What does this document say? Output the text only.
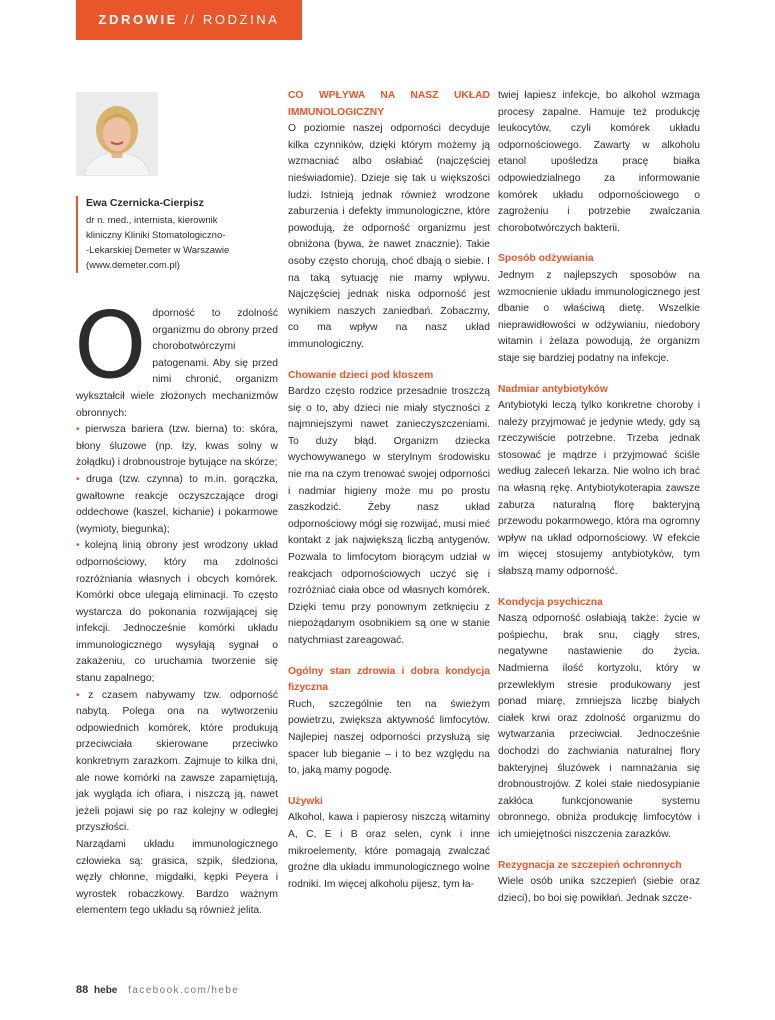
ZDROWIE // RODZINA
Ewa Czernicka-Cierpisz
dr n. med., internista, kierownik
kliniczny Kliniki Stomatologiczno-
-Lekarskiej Demeter w Warszawie
(www.demeter.com.pl)

Odporność to zdolność organizmu do obrony przed chorobotwórczymi patogenami. Aby się przed nimi chronić, organizm wykształcił wiele złożonych mechanizmów obronnych:

• pierwsza bariera (tzw. bierna) to: skóra, błony śluzowe (np. łzy, kwas solny w żołądku) i drobnoustroje bytujące na skórze;

• druga (tzw. czynna) to m.in. gorączka, gwałtowne reakcje oczyszczające drogi oddechowe (kaszel, kichanie) i pokarmowe (wymioty, biegunka);

• kolejną linią obrony jest wrodzony układ odpornościowy, który ma zdolności rozróżniania własnych i obcych komórek. Komórki obce ulegają eliminacji. To często wystarcza do pokonania rozwijającej się infekcji. Jednocześnie komórki układu immunologicznego wysyłają sygnał o zakażeniu, co uruchamia tworzenie się stanu zapalnego;

• z czasem nabywamy tzw. odporność nabytą. Polega ona na wytworzeniu odpowiednich komórek, które produkują przeciwciała skierowane przeciwko konkretnym zarazkom. Zajmuje to kilka dni, ale nowe komórki na zawsze zapamiętują, jak wygląda ich ofiara, i niszczą ją, nawet jeżeli pojawi się po raz kolejny w odległej przyszłości.

Narządami układu immunologicznego człowieka są: grasica, szpik, śledziona, węzły chłonne, migdałki, kępki Peyera i wyrostek robaczkowy. Bardzo ważnym elementem tego układu są również jelita.

CO WPŁYWA NA NASZ UKŁAD IMMUNOLOGICZNY

O poziomie naszej odporności decyduje kilka czynników, dzięki którym możemy ją wzmacniać albo osłabiać (najczęściej nieświadomie). Dzieje się tak u większości ludzi. Istnieją jednak również wrodzone zaburzenia i defekty immunologiczne, które powodują, że odporność organizmu jest obniżona (bywa, że nawet znacznie). Takie osoby często chorują, choć dbają o siebie. I na taką sytuację nie mamy wpływu. Najczęściej jednak niska odporność jest wynikiem naszych zaniedbań. Zobaczmy, co ma wpływ na nasz układ immunologiczny.

Chowanie dzieci pod kloszem

Bardzo często rodzice przesadnie troszczą się o to, aby dzieci nie miały styczności z najmniejszymi nawet zanieczyszczeniami. To duży błąd. Organizm dziecka wychowywanego w sterylnym środowisku nie ma na czym trenować swojej odporności i nadmiar higieny może mu po prostu zaszkodzić. Żeby nasz układ odpornościowy mógł się rozwijać, musi mieć kontakt z jak największą liczbą antygenów. Pozwala to limfocytom biorącym udział w reakcjach odpornościowych uczyć się i rozróżniać ciała obce od własnych komórek. Dzięki temu przy ponownym zetknięciu z niepożądanym osobnikiem są one w stanie natychmiast zareagować.

Ogólny stan zdrowia i dobra kondycja fizyczna

Ruch, szczególnie ten na świeżym powietrzu, zwiększa aktywność limfocytów. Najlepiej naszej odporności przysłużą się spacer lub bieganie – i to bez względu na to, jaką mamy pogodę.

Używki

Alkohol, kawa i papierosy niszczą witaminy A, C, E i B oraz selen, cynk i inne mikroelementy, które pomagają zwalczać groźne dla układu immunologicznego wolne rodniki. Im więcej alkoholu pijesz, tym ła-

twiej łapiesz infekcje, bo alkohol wzmaga procesy zapalne. Hamuje też produkcję leukocytów, czyli komórek układu odpornościowego. Zawarty w alkoholu etanol upośledza pracę białka odpowiedzialnego za informowanie komórek układu odpornościowego o zagrożeniu i potrzebie zwalczania chorobotwórczych bakterii.

Sposób odżywiania

Jednym z najlepszych sposobów na wzmocnienie układu immunologicznego jest dbanie o właściwą dietę. Wszelkie nieprawidłowości w odżywianiu, niedobory witamin i żelaza powodują, że organizm staje się bardziej podatny na infekcje.

Nadmiar antybiotyków

Antybiotyki leczą tylko konkretne choroby i należy przyjmować je jedynie wtedy, gdy są rzeczywiście potrzebne. Trzeba jednak stosować je mądrze i przyjmować ściśle według zaleceń lekarza. Nie wolno ich brać na własną rękę. Antybiotykoterapia zawsze zaburza naturalną florę bakteryjną przewodu pokarmowego, która ma ogromny wpływ na układ odpornościowy. W efekcie im więcej stosujemy antybiotyków, tym słabszą mamy odporność.

Kondycja psychiczna

Naszą odporność osłabiają także: życie w pośpiechu, brak snu, ciągły stres, negatywne nastawienie do życia. Nadmierna ilość kortyzolu, który w przewlekłym stresie produkowany jest ponad miarę, zmniejsza liczbę białych ciałek krwi oraz zdolność organizmu do wytwarzania przeciwciał. Jednocześnie dochodzi do zachwiania naturalnej flory bakteryjnej śluzówek i namnażania się drobnoustrojów. Z kolei stałe niedosypianie zakłóca funkcjonowanie systemu obronnego, obniża produkcję limfocytów i ich umiejętności niszczenia zarazków.

Rezygnacja ze szczepień ochronnych

Wiele osób unika szczepień (siebie oraz dzieci), bo boi się powikłań. Jednak szcze-

88 hebe facebook.com/hebe
